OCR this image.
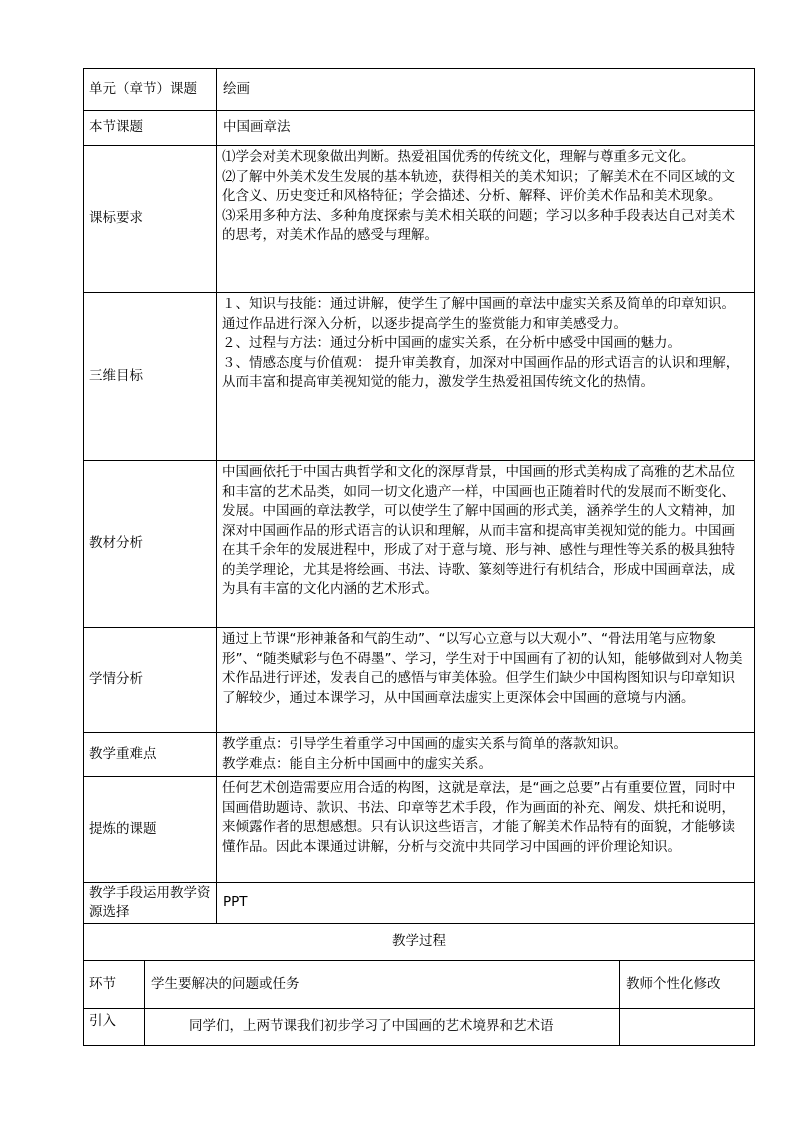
单元（章节）课题		绘画	
本节课题		中国画章法	
课标要求		⑴学会对美术现象做出判断。热爱祖国优秀的传统文化，理解与尊重多元文化。

⑵了解中外美术发生发展的基本轨迹，获得相关的美术知识；了解美术在不同区域的文化含义、历史变迁和风格特征；学会描述、分析、解释、评价美术作品和美术现象。

⑶采用多种方法、多种角度探索与美术相关联的问题；学习以多种手段表达自己对美术的思考，对美术作品的感受与理解。	

三维目标		１、知识与技能：通过讲解，使学生了解中国画的章法中虚实关系及简单的印章知识。通过作品进行深入分析，以逐步提高学生的鉴赏能力和审美感受力。

２、过程与方法：通过分析中国画的虚实关系，在分析中感受中国画的魅力。

３、情感态度与价值观： 提升审美教育，加深对中国画作品的形式语言的认识和理解，从而丰富和提高审美视知觉的能力，激发学生热爱祖国传统文化的热情。	

教材分析		中国画依托于中国古典哲学和文化的深厚背景，中国画的形式美构成了高雅的艺术品位和丰富的艺术品类，如同一切文化遗产一样，中国画也正随着时代的发展而不断变化、发展。中国画的章法教学，可以使学生了解中国画的形式美，涵养学生的人文精神，加深对中国画作品的形式语言的认识和理解，从而丰富和提高审美视知觉的能力。中国画在其千余年的发展进程中，形成了对于意与境、形与神、感性与理性等关系的极具独特的美学理论，尤其是将绘画、书法、诗歌、篆刻等进行有机结合，形成中国画章法，成为具有丰富的文化内涵的艺术形式。	

学情分析		通过上节课“形神兼备和气韵生动”、“以写心立意与以大观小”、“骨法用笔与应物象形”、“随类赋彩与色不碍墨”、学习，学生对于中国画有了初的认知，能够做到对人物美术作品进行评述，发表自己的感悟与审美体验。但学生们缺少中国构图知识与印章知识了解较少，通过本课学习，从中国画章法虚实上更深体会中国画的意境与内涵。	

教学重难点		教学重点：引导学生着重学习中国画的虚实关系与简单的落款知识。

教学难点：能自主分析中国画中的虚实关系。	

提炼的课题		任何艺术创造需要应用合适的构图，这就是章法，是“画之总要”占有重要位置，同时中国画借助题诗、款识、书法、印章等艺术手段，作为画面的补充、阐发、烘托和说明，来倾露作者的思想感想。只有认识这些语言，才能了解美术作品特有的面貌，才能够读懂作品。因此本课通过讲解，分析与交流中共同学习中国画的评价理论知识。	

教学手段运用教学资源选择		PPT	
教学过程			
环节	学生要解决的问题或任务		教师个性化修改
引入	同学们，上两节课我们初步学习了中国画的艺术境界和艺术语		
